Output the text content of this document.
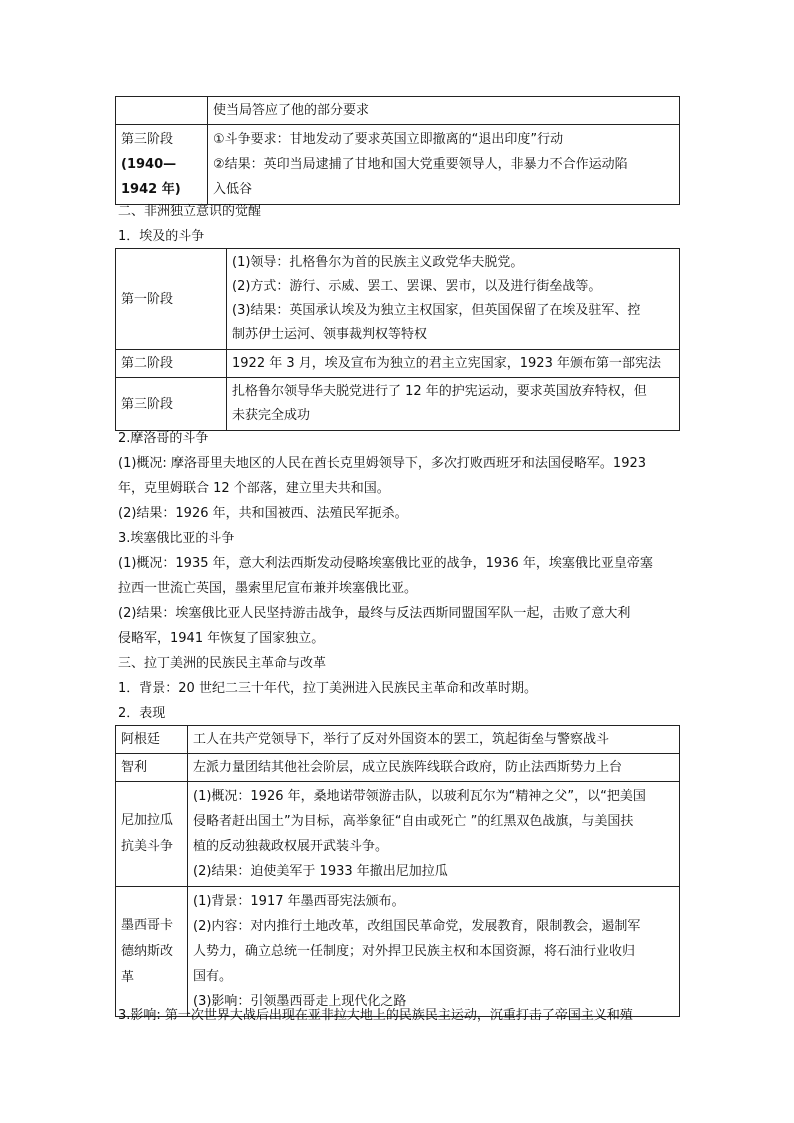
	使当局答应了他的部分要求

第三阶段
(1940—
1942 年)	①斗争要求：甘地发动了要求英国立即撤离的“退出印度”行动
②结果：英印当局逮捕了甘地和国大党重要领导人，非暴力不合作运动陷
入低谷
二、非洲独立意识的觉醒
1．埃及的斗争
第一阶段	(1)领导：扎格鲁尔为首的民族主义政党华夫脱党。
(2)方式：游行、示威、罢工、罢课、罢市，以及进行街垒战等。
(3)结果：英国承认埃及为独立主权国家，但英国保留了在埃及驻军、控
制苏伊士运河、领事裁判权等特权

第二阶段	1922 年 3 月，埃及宣布为独立的君主立宪国家，1923 年颁布第一部宪法

第三阶段	扎格鲁尔领导华夫脱党进行了 12 年的护宪运动，要求英国放弃特权，但
未获完全成功
2.摩洛哥的斗争
(1)概况: 摩洛哥里夫地区的人民在酋长克里姆领导下，多次打败西班牙和法国侵略军。1923
年，克里姆联合 12 个部落，建立里夫共和国。
(2)结果：1926 年，共和国被西、法殖民军扼杀。
3.埃塞俄比亚的斗争
(1)概况：1935 年，意大利法西斯发动侵略埃塞俄比亚的战争，1936 年，埃塞俄比亚皇帝塞
拉西一世流亡英国，墨索里尼宣布兼并埃塞俄比亚。
(2)结果：埃塞俄比亚人民坚持游击战争，最终与反法西斯同盟国军队一起，击败了意大利
侵略军，1941 年恢复了国家独立。
三、拉丁美洲的民族民主革命与改革
1．背景：20 世纪二三十年代，拉丁美洲进入民族民主革命和改革时期。
2．表现
阿根廷	工人在共产党领导下，举行了反对外国资本的罢工，筑起街垒与警察战斗

智利	左派力量团结其他社会阶层，成立民族阵线联合政府，防止法西斯势力上台

尼加拉瓜
抗美斗争	(1)概况：1926 年，桑地诺带领游击队，以玻利瓦尔为“精神之父”，以“把美国
侵略者赶出国土”为目标，高举象征“自由或死亡 ”的红黑双色战旗，与美国扶
植的反动独裁政权展开武装斗争。
(2)结果：迫使美军于 1933 年撤出尼加拉瓜

墨西哥卡
德纳斯改
革	(1)背景：1917 年墨西哥宪法颁布。
(2)内容：对内推行土地改革，改组国民革命党，发展教育，限制教会，遏制军
人势力，确立总统一任制度；对外捍卫民族主权和本国资源，将石油行业收归
国有。
(3)影响：引领墨西哥走上现代化之路
3.影响: 第一次世界大战后出现在亚非拉大地上的民族民主运动，沉重打击了帝国主义和殖
